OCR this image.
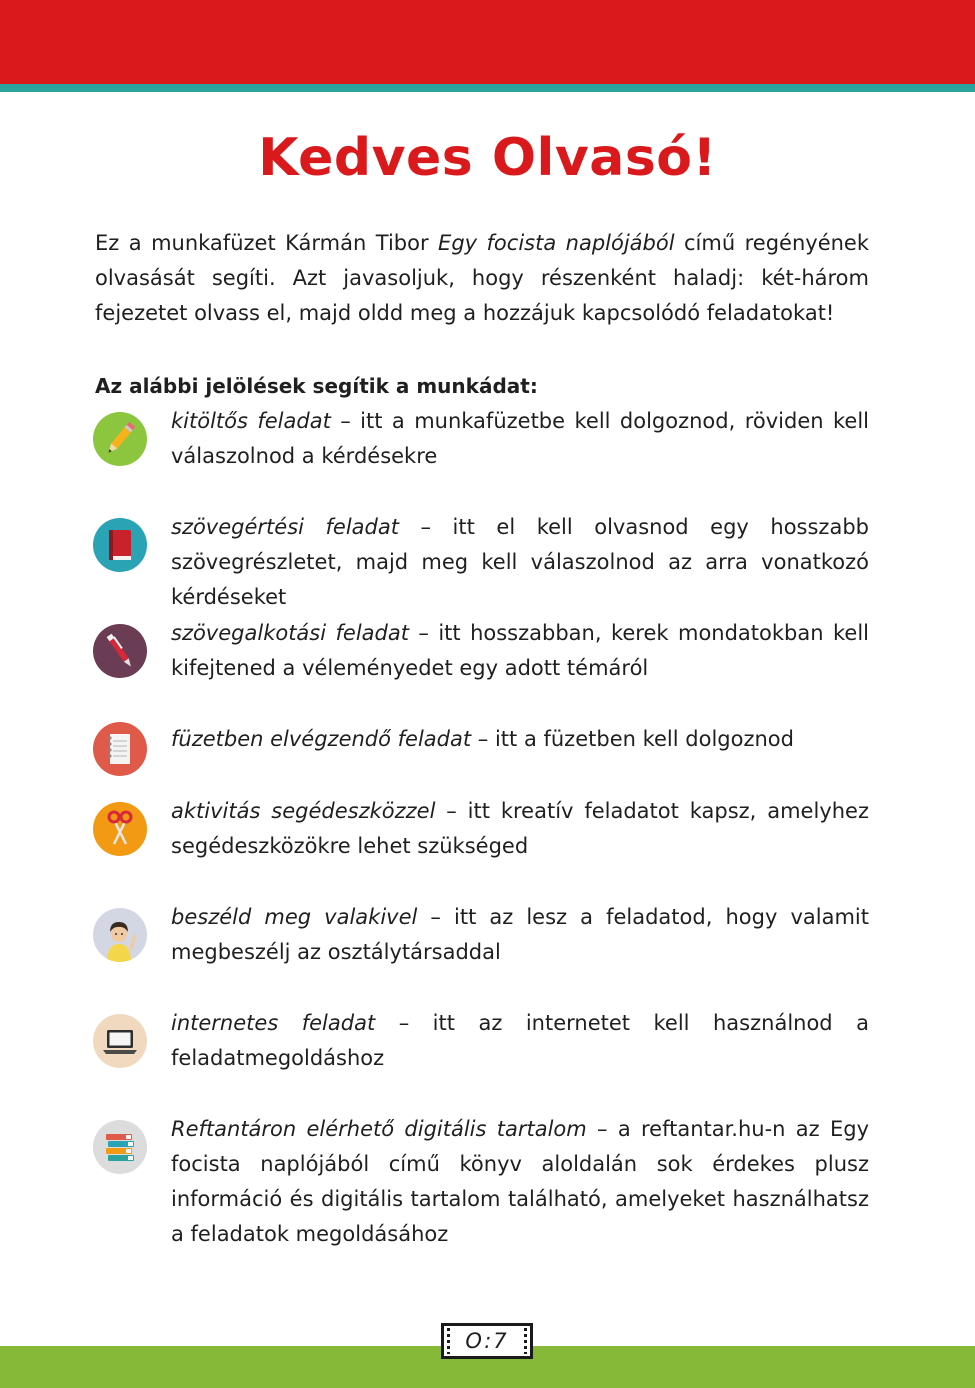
Kedves Olvasó!

Ez a munkafüzet Kármán Tibor Egy focista naplójából című regényének olvasását segíti. Azt javasoljuk, hogy részenként haladj: két-három fejezetet olvass el, majd oldd meg a hozzájuk kapcsolódó feladatokat!

Az alábbi jelölések segítik a munkádat:
kitöltős feladat – itt a munkafüzetbe kell dolgoznod, röviden kell válaszolnod a kérdésekre
szövegértési feladat – itt el kell olvasnod egy hosszabb szövegrészletet, majd meg kell válaszolnod az arra vonatkozó kérdéseket
szövegalkotási feladat – itt hosszabban, kerek mondatokban kell kifejtened a véleményedet egy adott témáról
füzetben elvégzendő feladat – itt a füzetben kell dolgoznod
aktivitás segédeszközzel – itt kreatív feladatot kapsz, amelyhez segédeszközökre lehet szükséged
beszéld meg valakivel – itt az lesz a feladatod, hogy valamit megbeszélj az osztálytársaddal
internetes feladat – itt az internetet kell használnod a feladatmegoldáshoz
Reftantáron elérhető digitális tartalom – a reftantar.hu-n az Egy focista naplójából című könyv aloldalán sok érdekes plusz információ és digitális tartalom található, amelyeket használhatsz a feladatok megoldásához
O:7
